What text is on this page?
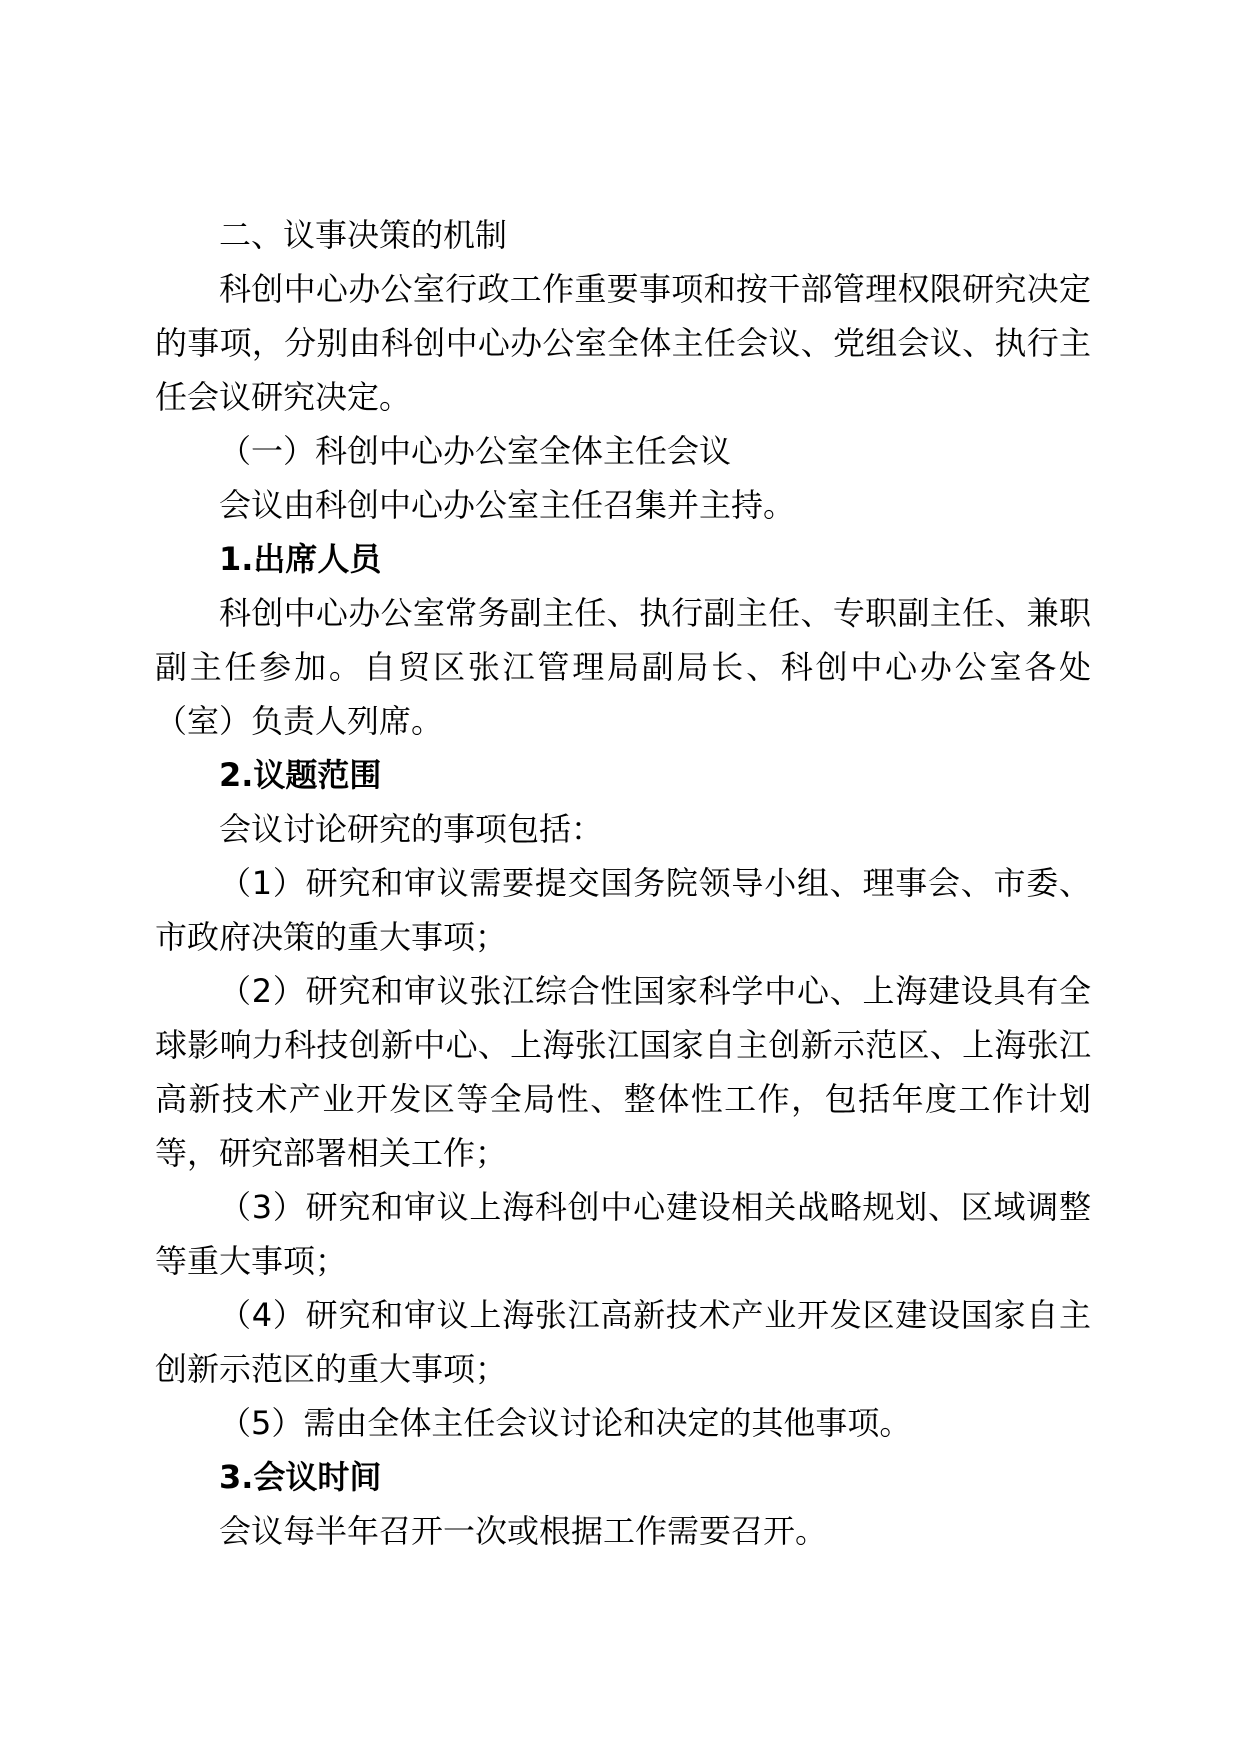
二、议事决策的机制

科创中心办公室行政工作重要事项和按干部管理权限研究决定的事项，分别由科创中心办公室全体主任会议、党组会议、执行主任会议研究决定。

（一）科创中心办公室全体主任会议

会议由科创中心办公室主任召集并主持。

1.出席人员

科创中心办公室常务副主任、执行副主任、专职副主任、兼职副主任参加。自贸区张江管理局副局长、科创中心办公室各处（室）负责人列席。

2.议题范围

会议讨论研究的事项包括：

（1）研究和审议需要提交国务院领导小组、理事会、市委、市政府决策的重大事项；

（2）研究和审议张江综合性国家科学中心、上海建设具有全球影响力科技创新中心、上海张江国家自主创新示范区、上海张江高新技术产业开发区等全局性、整体性工作，包括年度工作计划等，研究部署相关工作；

（3）研究和审议上海科创中心建设相关战略规划、区域调整等重大事项；

（4）研究和审议上海张江高新技术产业开发区建设国家自主创新示范区的重大事项；

（5）需由全体主任会议讨论和决定的其他事项。

3.会议时间

会议每半年召开一次或根据工作需要召开。
